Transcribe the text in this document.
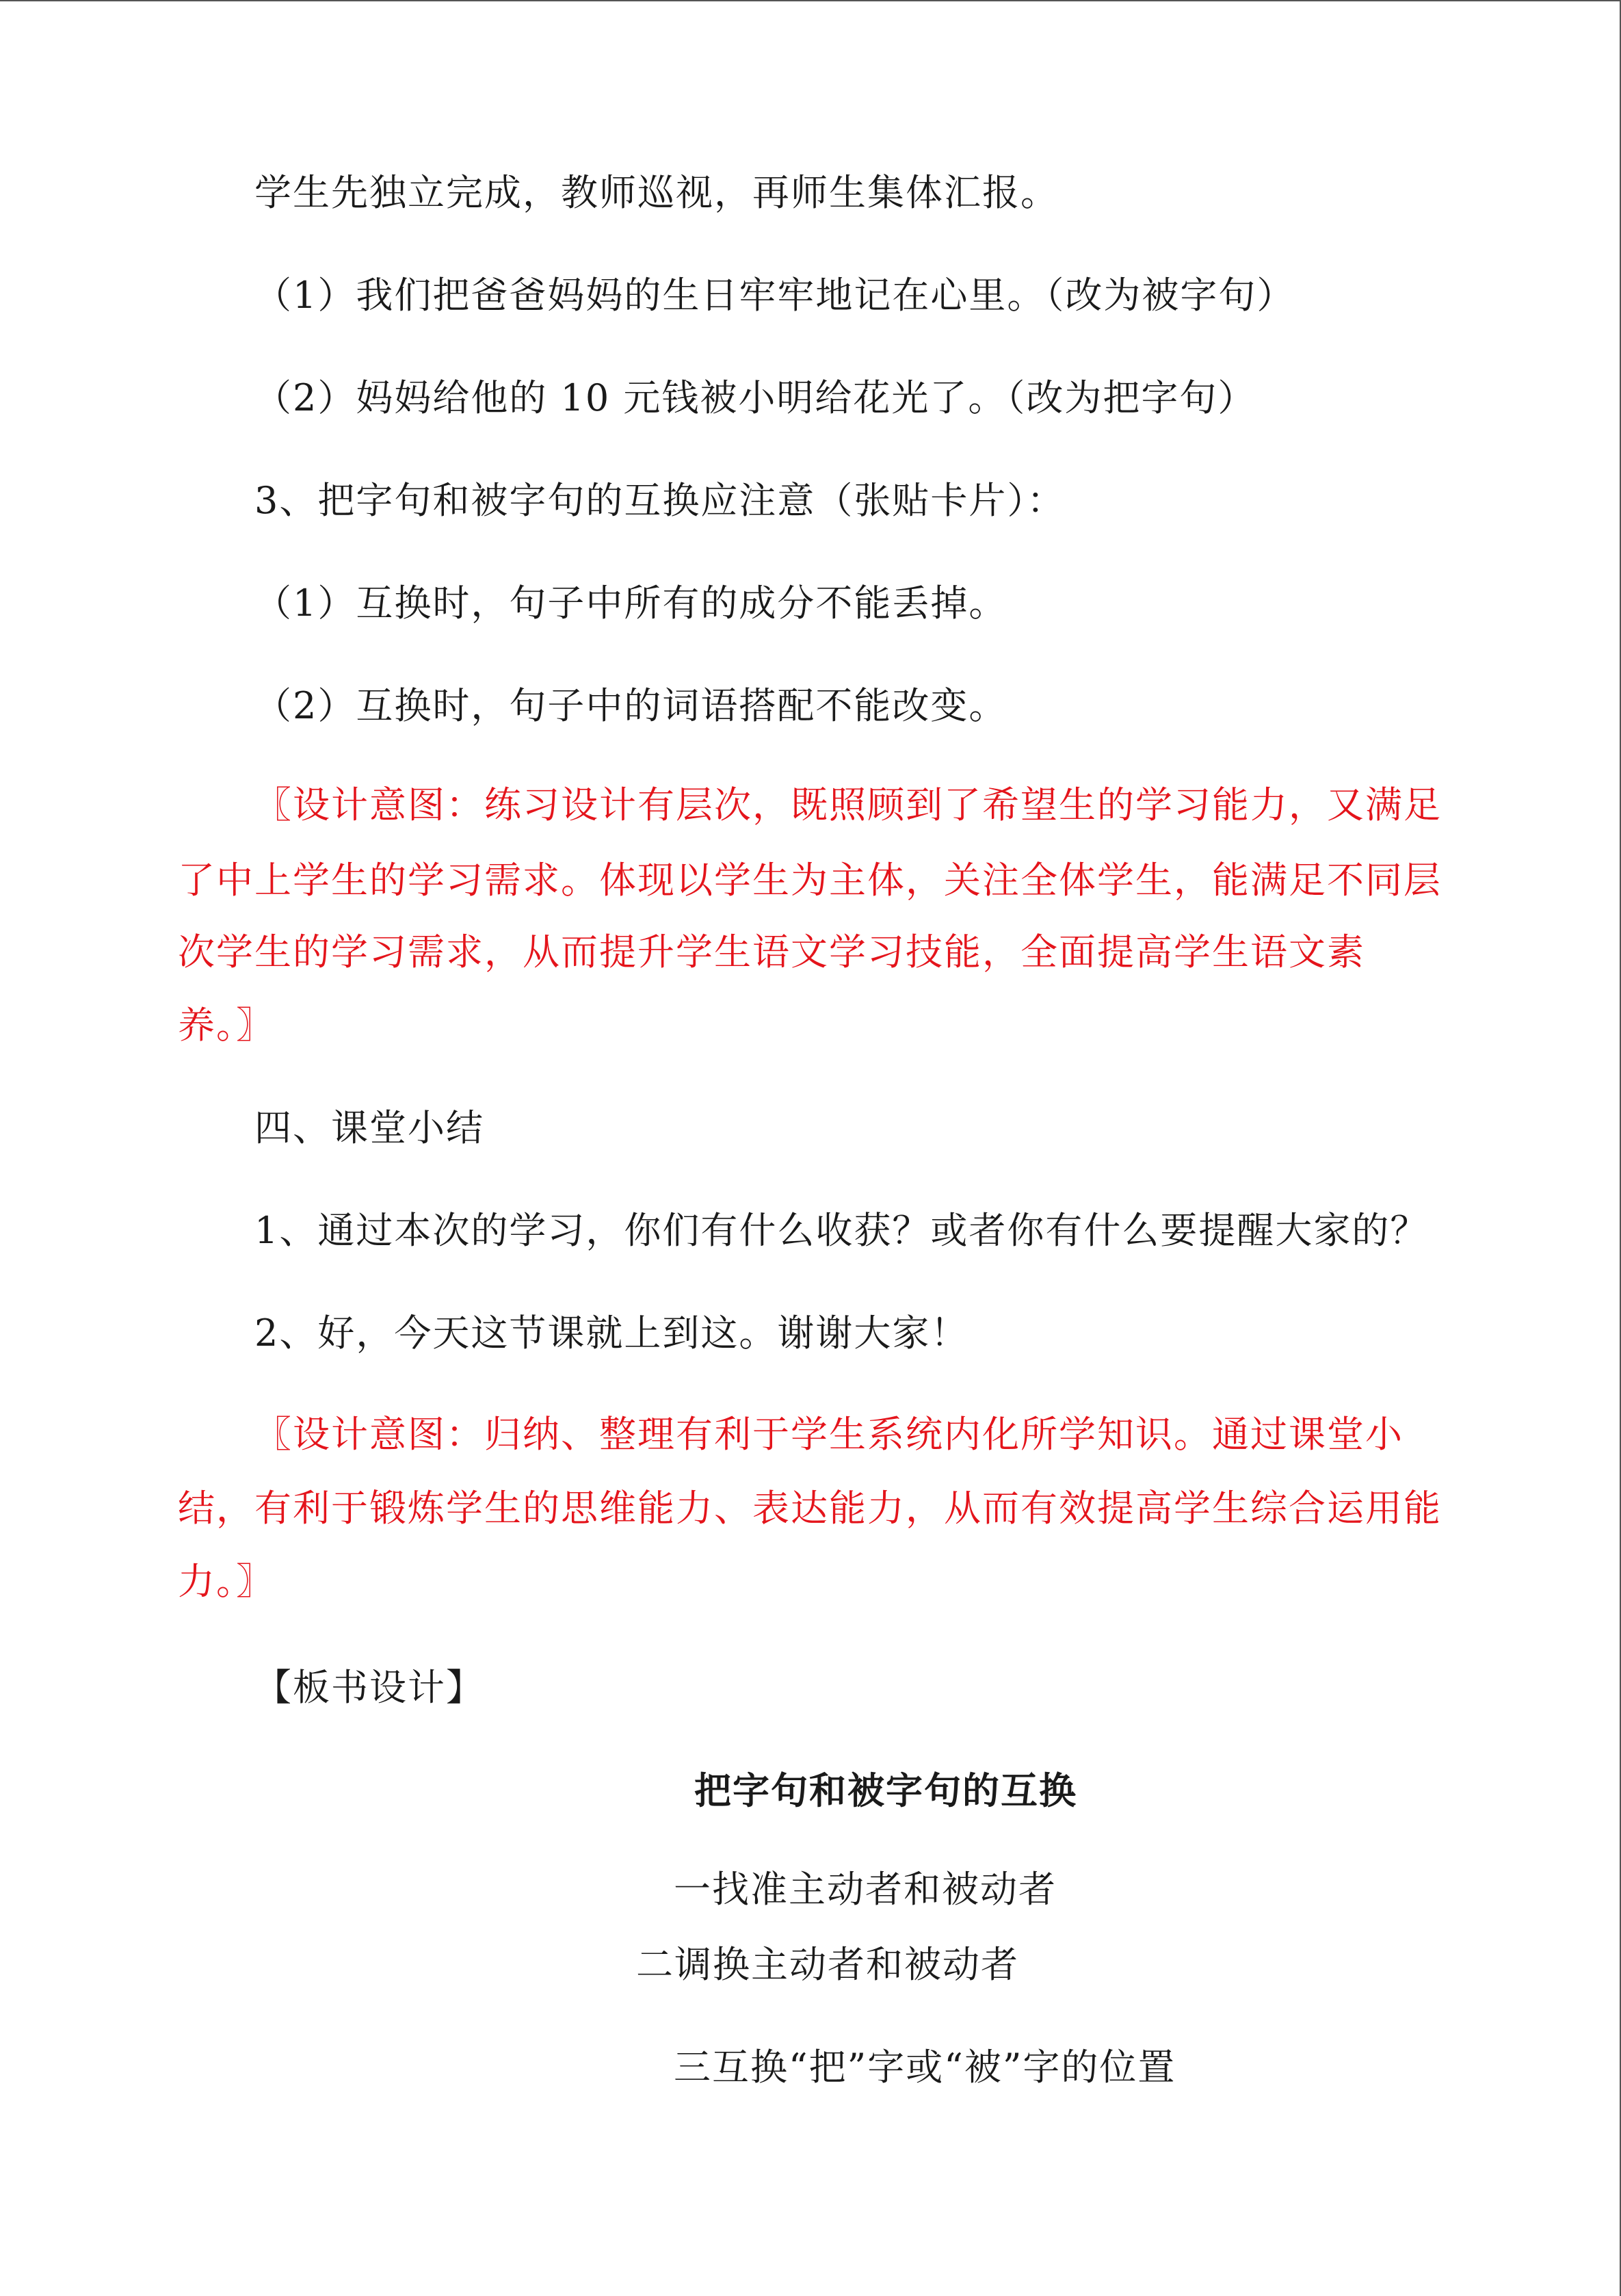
学生先独立完成，教师巡视，再师生集体汇报。
（1）我们把爸爸妈妈的生日牢牢地记在心里。（改为被字句）
（2）妈妈给他的 10 元钱被小明给花光了。（改为把字句）
3、把字句和被字句的互换应注意（张贴卡片）：
（1）互换时，句子中所有的成分不能丢掉。
（2）互换时，句子中的词语搭配不能改变。
〖设计意图：练习设计有层次，既照顾到了希望生的学习能力，又满足
了中上学生的学习需求。体现以学生为主体，关注全体学生，能满足不同层
次学生的学习需求，从而提升学生语文学习技能，全面提高学生语文素
养。〗
四、课堂小结
1、通过本次的学习，你们有什么收获？或者你有什么要提醒大家的？
2、好，今天这节课就上到这。谢谢大家！
〖设计意图：归纳、整理有利于学生系统内化所学知识。通过课堂小
结，有利于锻炼学生的思维能力、表达能力，从而有效提高学生综合运用能
力。〗
【板书设计】
把字句和被字句的互换
一找准主动者和被动者
二调换主动者和被动者
三互换“把”字或“被”字的位置
